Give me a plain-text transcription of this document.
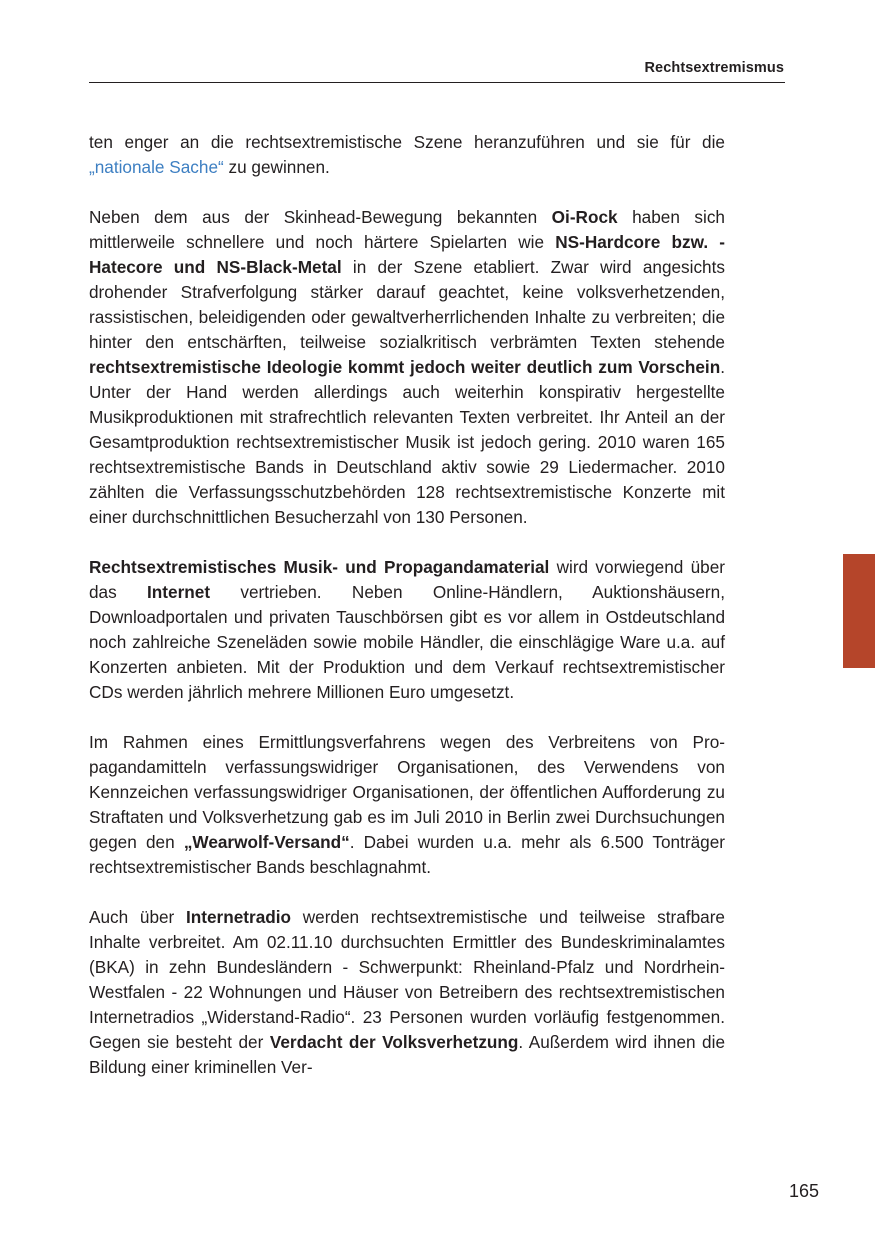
Rechtsextremismus

ten enger an die rechtsextremistische Szene heranzuführen und sie für die „nationale Sache“ zu gewinnen.

Neben dem aus der Skinhead-Bewegung bekannten Oi-Rock haben sich mittlerweile schnellere und noch härtere Spielarten wie NS-Hardcore bzw. -Hatecore und NS-Black-Metal in der Szene etabliert. Zwar wird angesichts drohender Strafverfolgung stärker darauf geachtet, keine volksverhetzenden, rassistischen, beleidigenden oder gewaltverherrlichenden Inhalte zu verbreiten; die hinter den entschärften, teilweise sozialkritisch verbrämten Texten stehende rechtsextremistische Ideologie kommt jedoch weiter deutlich zum Vorschein. Unter der Hand werden allerdings auch weiterhin konspirativ hergestellte Musikproduktionen mit strafrechtlich relevanten Texten verbreitet. Ihr Anteil an der Gesamtproduktion rechtsextremistischer Musik ist jedoch gering. 2010 waren 165 rechtsextremistische Bands in Deutschland aktiv sowie 29 Liedermacher. 2010 zählten die Verfassungsschutzbehörden 128 rechtsextremistische Konzerte mit einer durchschnittlichen Besucherzahl von 130 Personen.

Rechtsextremistisches Musik- und Propagandamaterial wird vorwiegend über das Internet vertrieben. Neben Online-Händlern, Auktionshäusern, Downloadportalen und privaten Tauschbörsen gibt es vor allem in Ostdeutschland noch zahlreiche Szeneläden sowie mobile Händler, die einschlägige Ware u.a. auf Konzerten anbieten. Mit der Produktion und dem Verkauf rechtsextremistischer CDs werden jährlich mehrere Millionen Euro umgesetzt.

Im Rahmen eines Ermittlungsverfahrens wegen des Verbreitens von Propagandamitteln verfassungswidriger Organisationen, des Verwendens von Kennzeichen verfassungswidriger Organisationen, der öffentlichen Aufforderung zu Straftaten und Volksverhetzung gab es im Juli 2010 in Berlin zwei Durchsuchungen gegen den „Wearwolf-Versand“. Dabei wurden u.a. mehr als 6.500 Tonträger rechtsextremistischer Bands beschlagnahmt.

Auch über Internetradio werden rechtsextremistische und teilweise strafbare Inhalte verbreitet. Am 02.11.10 durchsuchten Ermittler des Bundeskriminalamtes (BKA) in zehn Bundesländern - Schwerpunkt: Rheinland-Pfalz und Nordrhein-Westfalen - 22 Wohnungen und Häuser von Betreibern des rechtsextremistischen Internetradios „Widerstand-Radio“. 23 Personen wurden vorläufig festgenommen. Gegen sie besteht der Verdacht der Volksverhetzung. Außerdem wird ihnen die Bildung einer kriminellen Ver-

165
